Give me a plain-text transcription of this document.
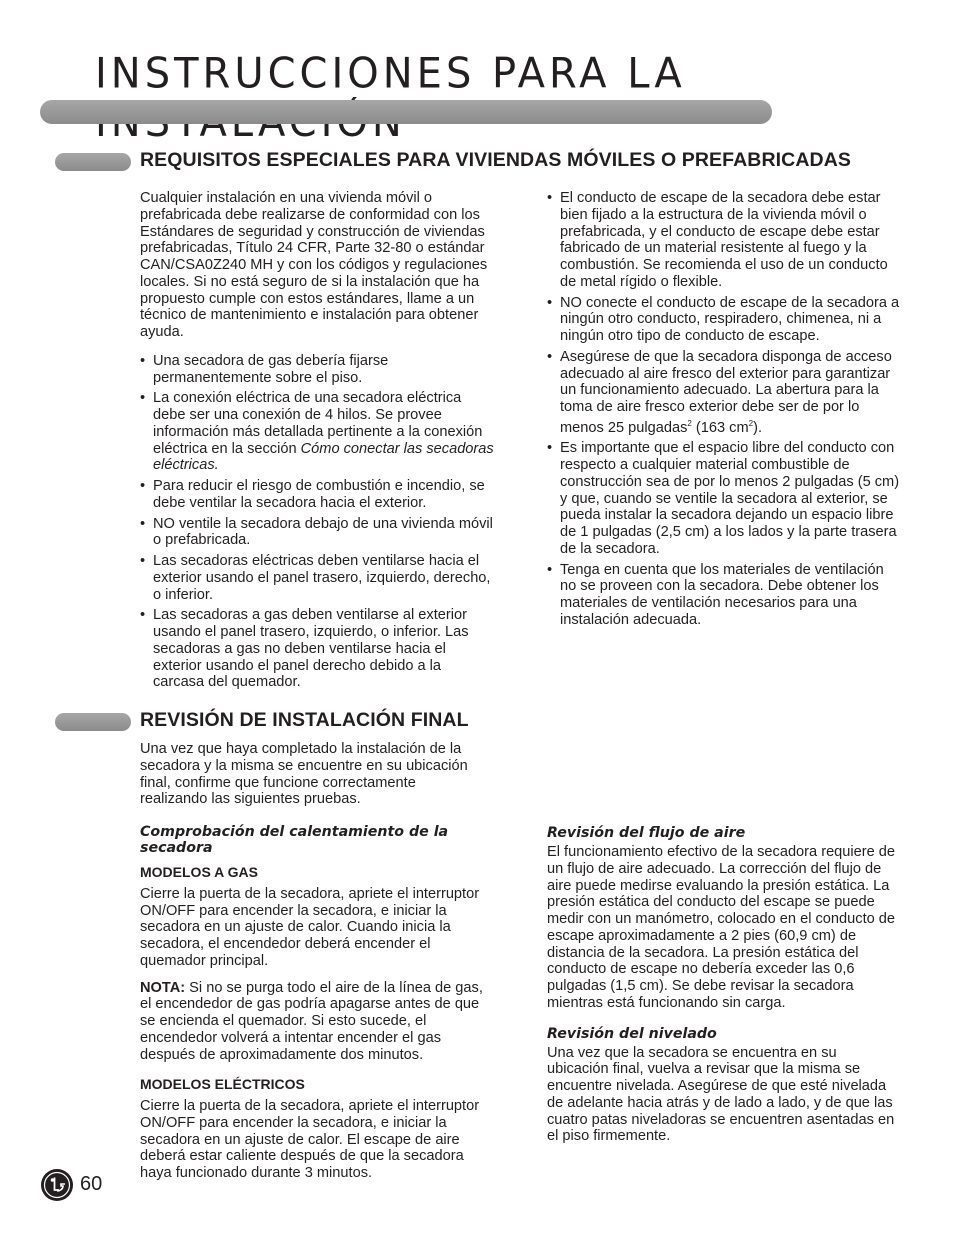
INSTRUCCIONES PARA LA
REQUISITOS ESPECIALES PARA VIVIENDAS MÓVILES O PREFABRICADAS

Cualquier instalación en una vivienda móvil o prefabricada debe realizarse de conformidad con los Estándares de seguridad y construcción de viviendas prefabricadas, Título 24 CFR, Parte 32-80 o estándar CAN/CSA0Z240 MH y con los códigos y regulaciones locales. Si no está seguro de si la instalación que ha propuesto cumple con estos estándares, llame a un técnico de mantenimiento e instalación para obtener ayuda.

• Una secadora de gas debería fijarse permanentemente sobre el piso.
• La conexión eléctrica de una secadora eléctrica debe ser una conexión de 4 hilos. Se provee información más detallada pertinente a la conexión eléctrica en la sección Cómo conectar las secadoras eléctricas.
• Para reducir el riesgo de combustión e incendio, se debe ventilar la secadora hacia el exterior.
• NO ventile la secadora debajo de una vivienda móvil o prefabricada.
• Las secadoras eléctricas deben ventilarse hacia el exterior usando el panel trasero, izquierdo, derecho, o inferior.
• Las secadoras a gas deben ventilarse al exterior usando el panel trasero, izquierdo, o inferior. Las secadoras a gas no deben ventilarse hacia el exterior usando el panel derecho debido a la carcasa del quemador.
• El conducto de escape de la secadora debe estar bien fijado a la estructura de la vivienda móvil o prefabricada, y el conducto de escape debe estar fabricado de un material resistente al fuego y la combustión. Se recomienda el uso de un conducto de metal rígido o flexible.
• NO conecte el conducto de escape de la secadora a ningún otro conducto, respiradero, chimenea, ni a ningún otro tipo de conducto de escape.
• Asegúrese de que la secadora disponga de acceso adecuado al aire fresco del exterior para garantizar un funcionamiento adecuado. La abertura para la toma de aire fresco exterior debe ser de por lo menos 25 pulgadas$^2$ (163 $cm^2$).
• Es importante que el espacio libre del conducto con respecto a cualquier material combustible de construcción sea de por lo menos 2 pulgadas (5 cm) y que, cuando se ventile la secadora al exterior, se pueda instalar la secadora dejando un espacio libre de 1 pulgadas (2,5 cm) a los lados y la parte trasera de la secadora.
• Tenga en cuenta que los materiales de ventilación no se proveen con la secadora. Debe obtener los materiales de ventilación necesarios para una instalación adecuada.
REVISIÓN DE INSTALACIÓN FINAL

Una vez que haya completado la instalación de la secadora y la misma se encuentre en su ubicación final, confirme que funcione correctamente realizando las siguientes pruebas.

Comprobación del calentamiento de la secadora

MODELOS A GAS

Cierre la puerta de la secadora, apriete el interruptor ON/OFF para encender la secadora, e iniciar la secadora en un ajuste de calor. Cuando inicia la secadora, el encendedor deberá encender el quemador principal.

NOTA: Si no se purga todo el aire de la línea de gas, el encendedor de gas podría apagarse antes de que se encienda el quemador. Si esto sucede, el encendedor volverá a intentar encender el gas después de aproximadamente dos minutos.

MODELOS ELÉCTRICOS

Cierre la puerta de la secadora, apriete el interruptor ON/OFF para encender la secadora, e iniciar la secadora en un ajuste de calor. El escape de aire deberá estar caliente después de que la secadora haya funcionado durante 3 minutos.

Revisión del flujo de aire

El funcionamiento efectivo de la secadora requiere de un flujo de aire adecuado. La corrección del flujo de aire puede medirse evaluando la presión estática. La presión estática del conducto del escape se puede medir con un manómetro, colocado en el conducto de escape aproximadamente a 2 pies (60,9 cm) de distancia de la secadora. La presión estática del conducto de escape no debería exceder las 0,6 pulgadas (1,5 cm). Se debe revisar la secadora mientras está funcionando sin carga.

Revisión del nivelado

Una vez que la secadora se encuentra en su ubicación final, vuelva a revisar que la misma se encuentre nivelada. Asegúrese de que esté nivelada de adelante hacia atrás y de lado a lado, y de que las cuatro patas niveladoras se encuentren asentadas en el piso firmemente.

60
